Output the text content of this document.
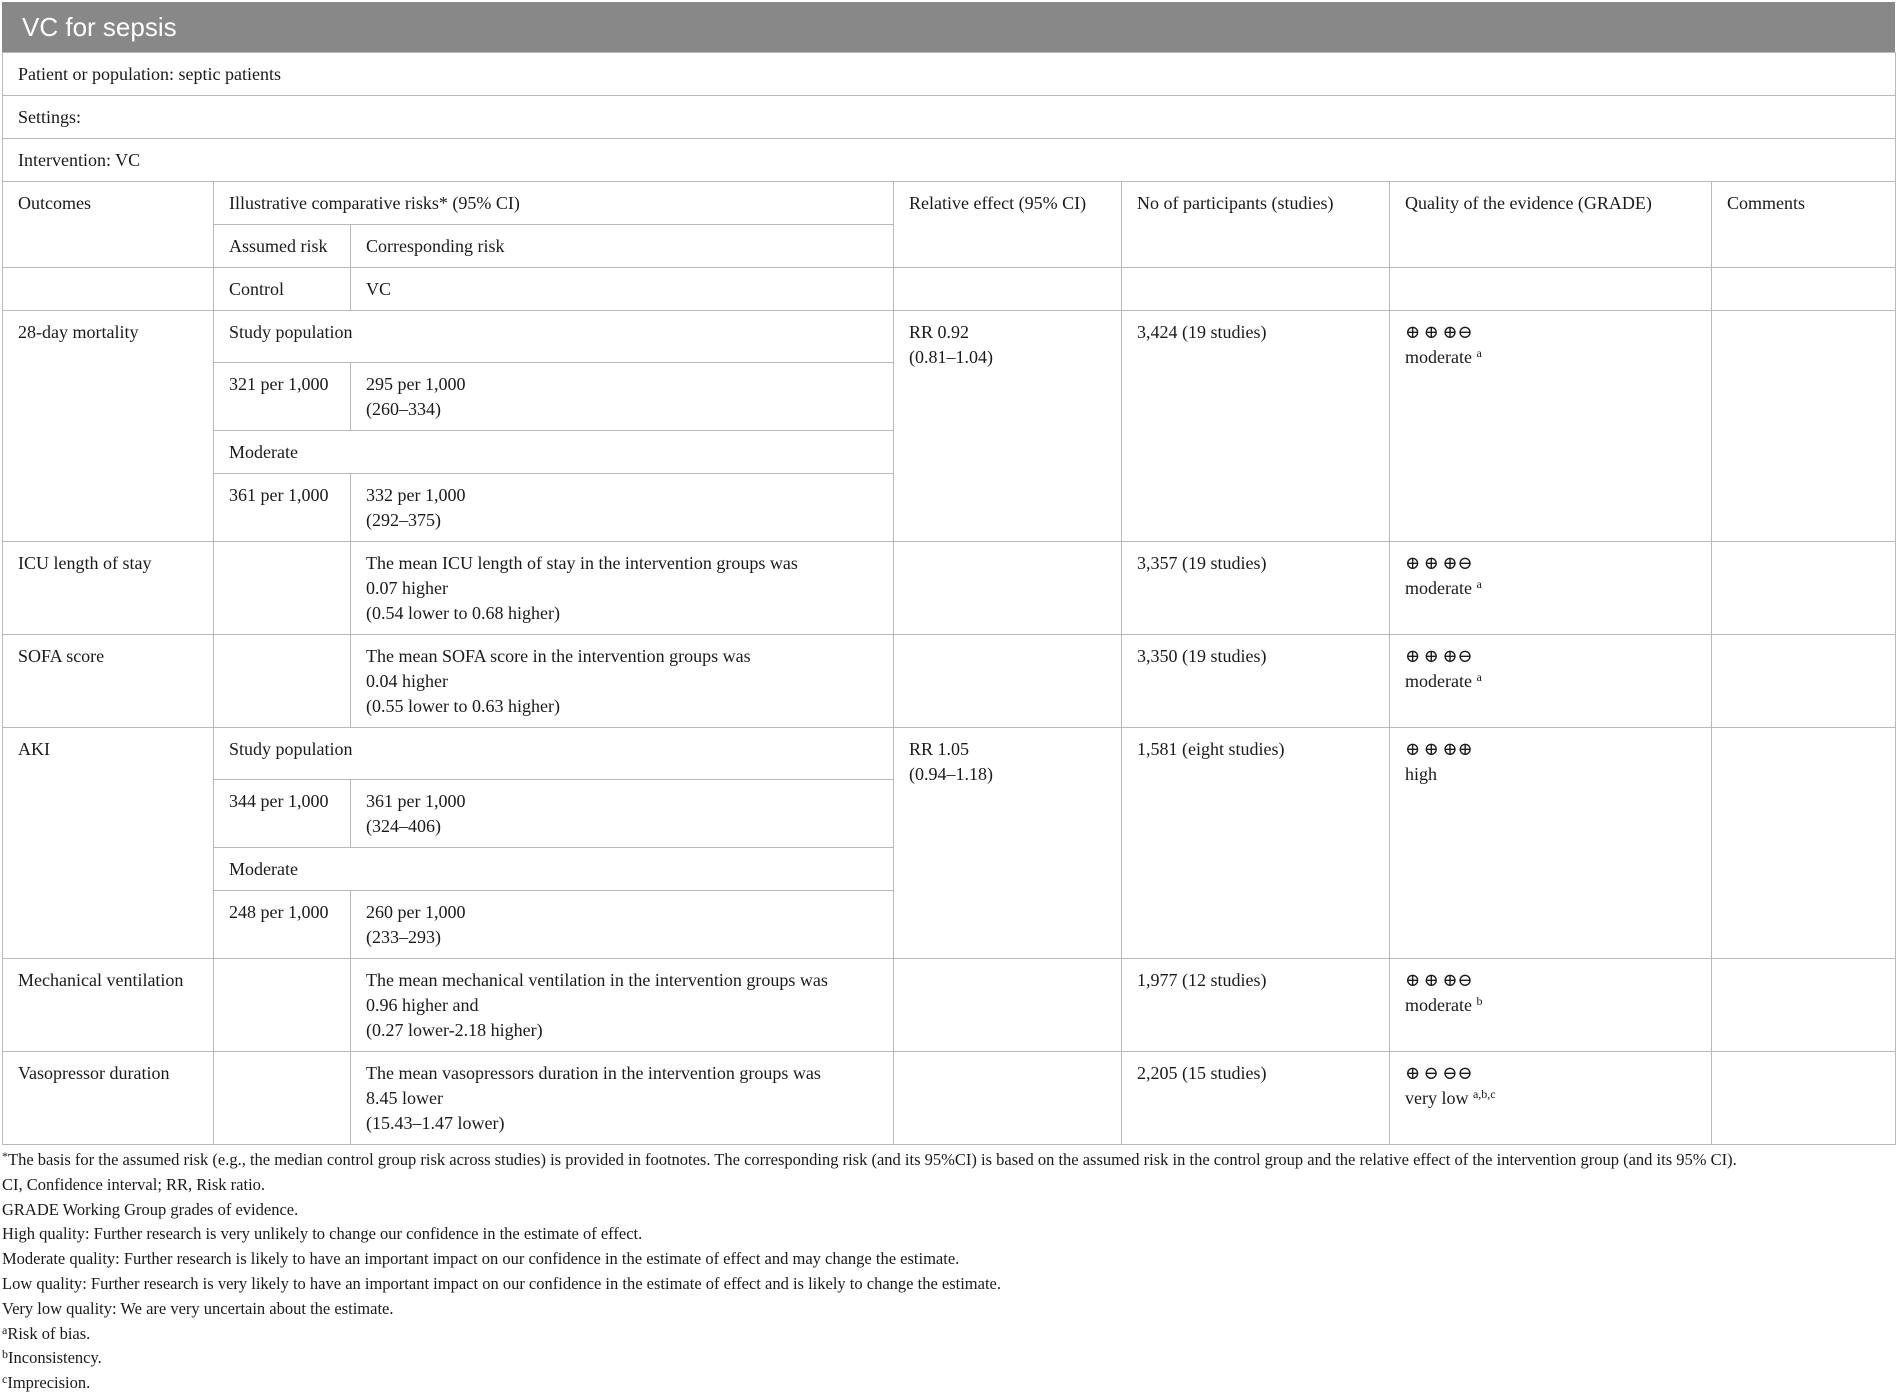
VC for sepsis
Patient or population: septic patients						
Settings:						
Intervention: VC						
Outcomes	Illustrative comparative risks* (95% CI)		Relative effect (95% CI)	No of participants (studies)	Quality of the evidence (GRADE)	Comments
	Assumed risk	Corresponding risk				
	Control	VC				
28-day mortality	Study population		RR 0.92
(0.81–1.04)	3,424 (19 studies)	⊕ ⊕ ⊕⊖
moderate $^a$

	321 per 1,000	295 per 1,000
(260–334)				

	Moderate					
	361 per 1,000	332 per 1,000
(292–375)				

ICU length of stay		The mean ICU length of stay in the intervention groups was
0.07 higher
(0.54 lower to 0.68 higher)		3,357 (19 studies)	⊕ ⊕ ⊕⊖
moderate $^a$

SOFA score		The mean SOFA score in the intervention groups was
0.04 higher
(0.55 lower to 0.63 higher)		3,350 (19 studies)	⊕ ⊕ ⊕⊖
moderate $^a$

AKI	Study population		RR 1.05
(0.94–1.18)	1,581 (eight studies)	⊕ ⊕ ⊕⊕
high	

	344 per 1,000	361 per 1,000
(324–406)				

	Moderate					
	248 per 1,000	260 per 1,000
(233–293)				

Mechanical ventilation		The mean mechanical ventilation in the intervention groups was
0.96 higher and
(0.27 lower-2.18 higher)		1,977 (12 studies)	⊕ ⊕ ⊕⊖
moderate $^b$

Vasopressor duration		The mean vasopressors duration in the intervention groups was
8.45 lower
(15.43–1.47 lower)		2,205 (15 studies)	⊕ ⊖ ⊖⊖
very low $^{a,b,c}$

*The basis for the assumed risk (e.g., the median control group risk across studies) is provided in footnotes. The corresponding risk (and its 95%CI) is based on the assumed risk in the control group and the relative effect of the intervention group (and its 95% CI).
CI, Confidence interval; RR, Risk ratio.
GRADE Working Group grades of evidence.
High quality: Further research is very unlikely to change our confidence in the estimate of effect.
Moderate quality: Further research is likely to have an important impact on our confidence in the estimate of effect and may change the estimate.
Low quality: Further research is very likely to have an important impact on our confidence in the estimate of effect and is likely to change the estimate.
Very low quality: We are very uncertain about the estimate.
$^a$Risk of bias.
$^b$Inconsistency.
$^c$Imprecision.
